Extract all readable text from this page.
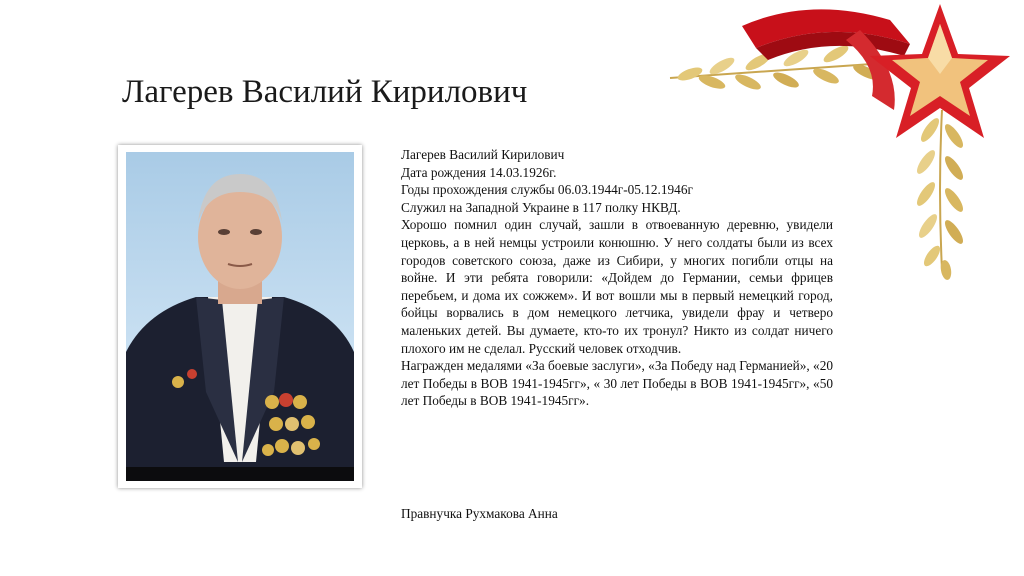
Лагерев Василий Кирилович

Лагерев Василий Кирилович

Дата рождения 14.03.1926г.

Годы прохождения службы 06.03.1944г-05.12.1946г

Служил на Западной Украине в 117 полку НКВД.

Хорошо помнил один случай, зашли в отвоеванную деревню, увидели церковь, а в ней немцы устроили конюшню. У него солдаты были из всех городов советского союза, даже из Сибири, у многих погибли отцы на войне. И эти ребята говорили: «Дойдем до Германии, семьи фрицев перебьем, и дома их сожжем». И вот вошли мы в первый немецкий город, бойцы ворвались в дом немецкого летчика, увидели фрау и четверо маленьких детей. Вы думаете, кто-то их тронул? Никто из солдат ничего плохого им не сделал. Русский человек отходчив.

Награжден медалями «За боевые заслуги», «За Победу над Германией», «20 лет Победы в ВОВ 1941-1945гг», « 30 лет Победы в ВОВ 1941-1945гг», «50 лет Победы в ВОВ 1941-1945гг».

Правнучка Рухмакова Анна
